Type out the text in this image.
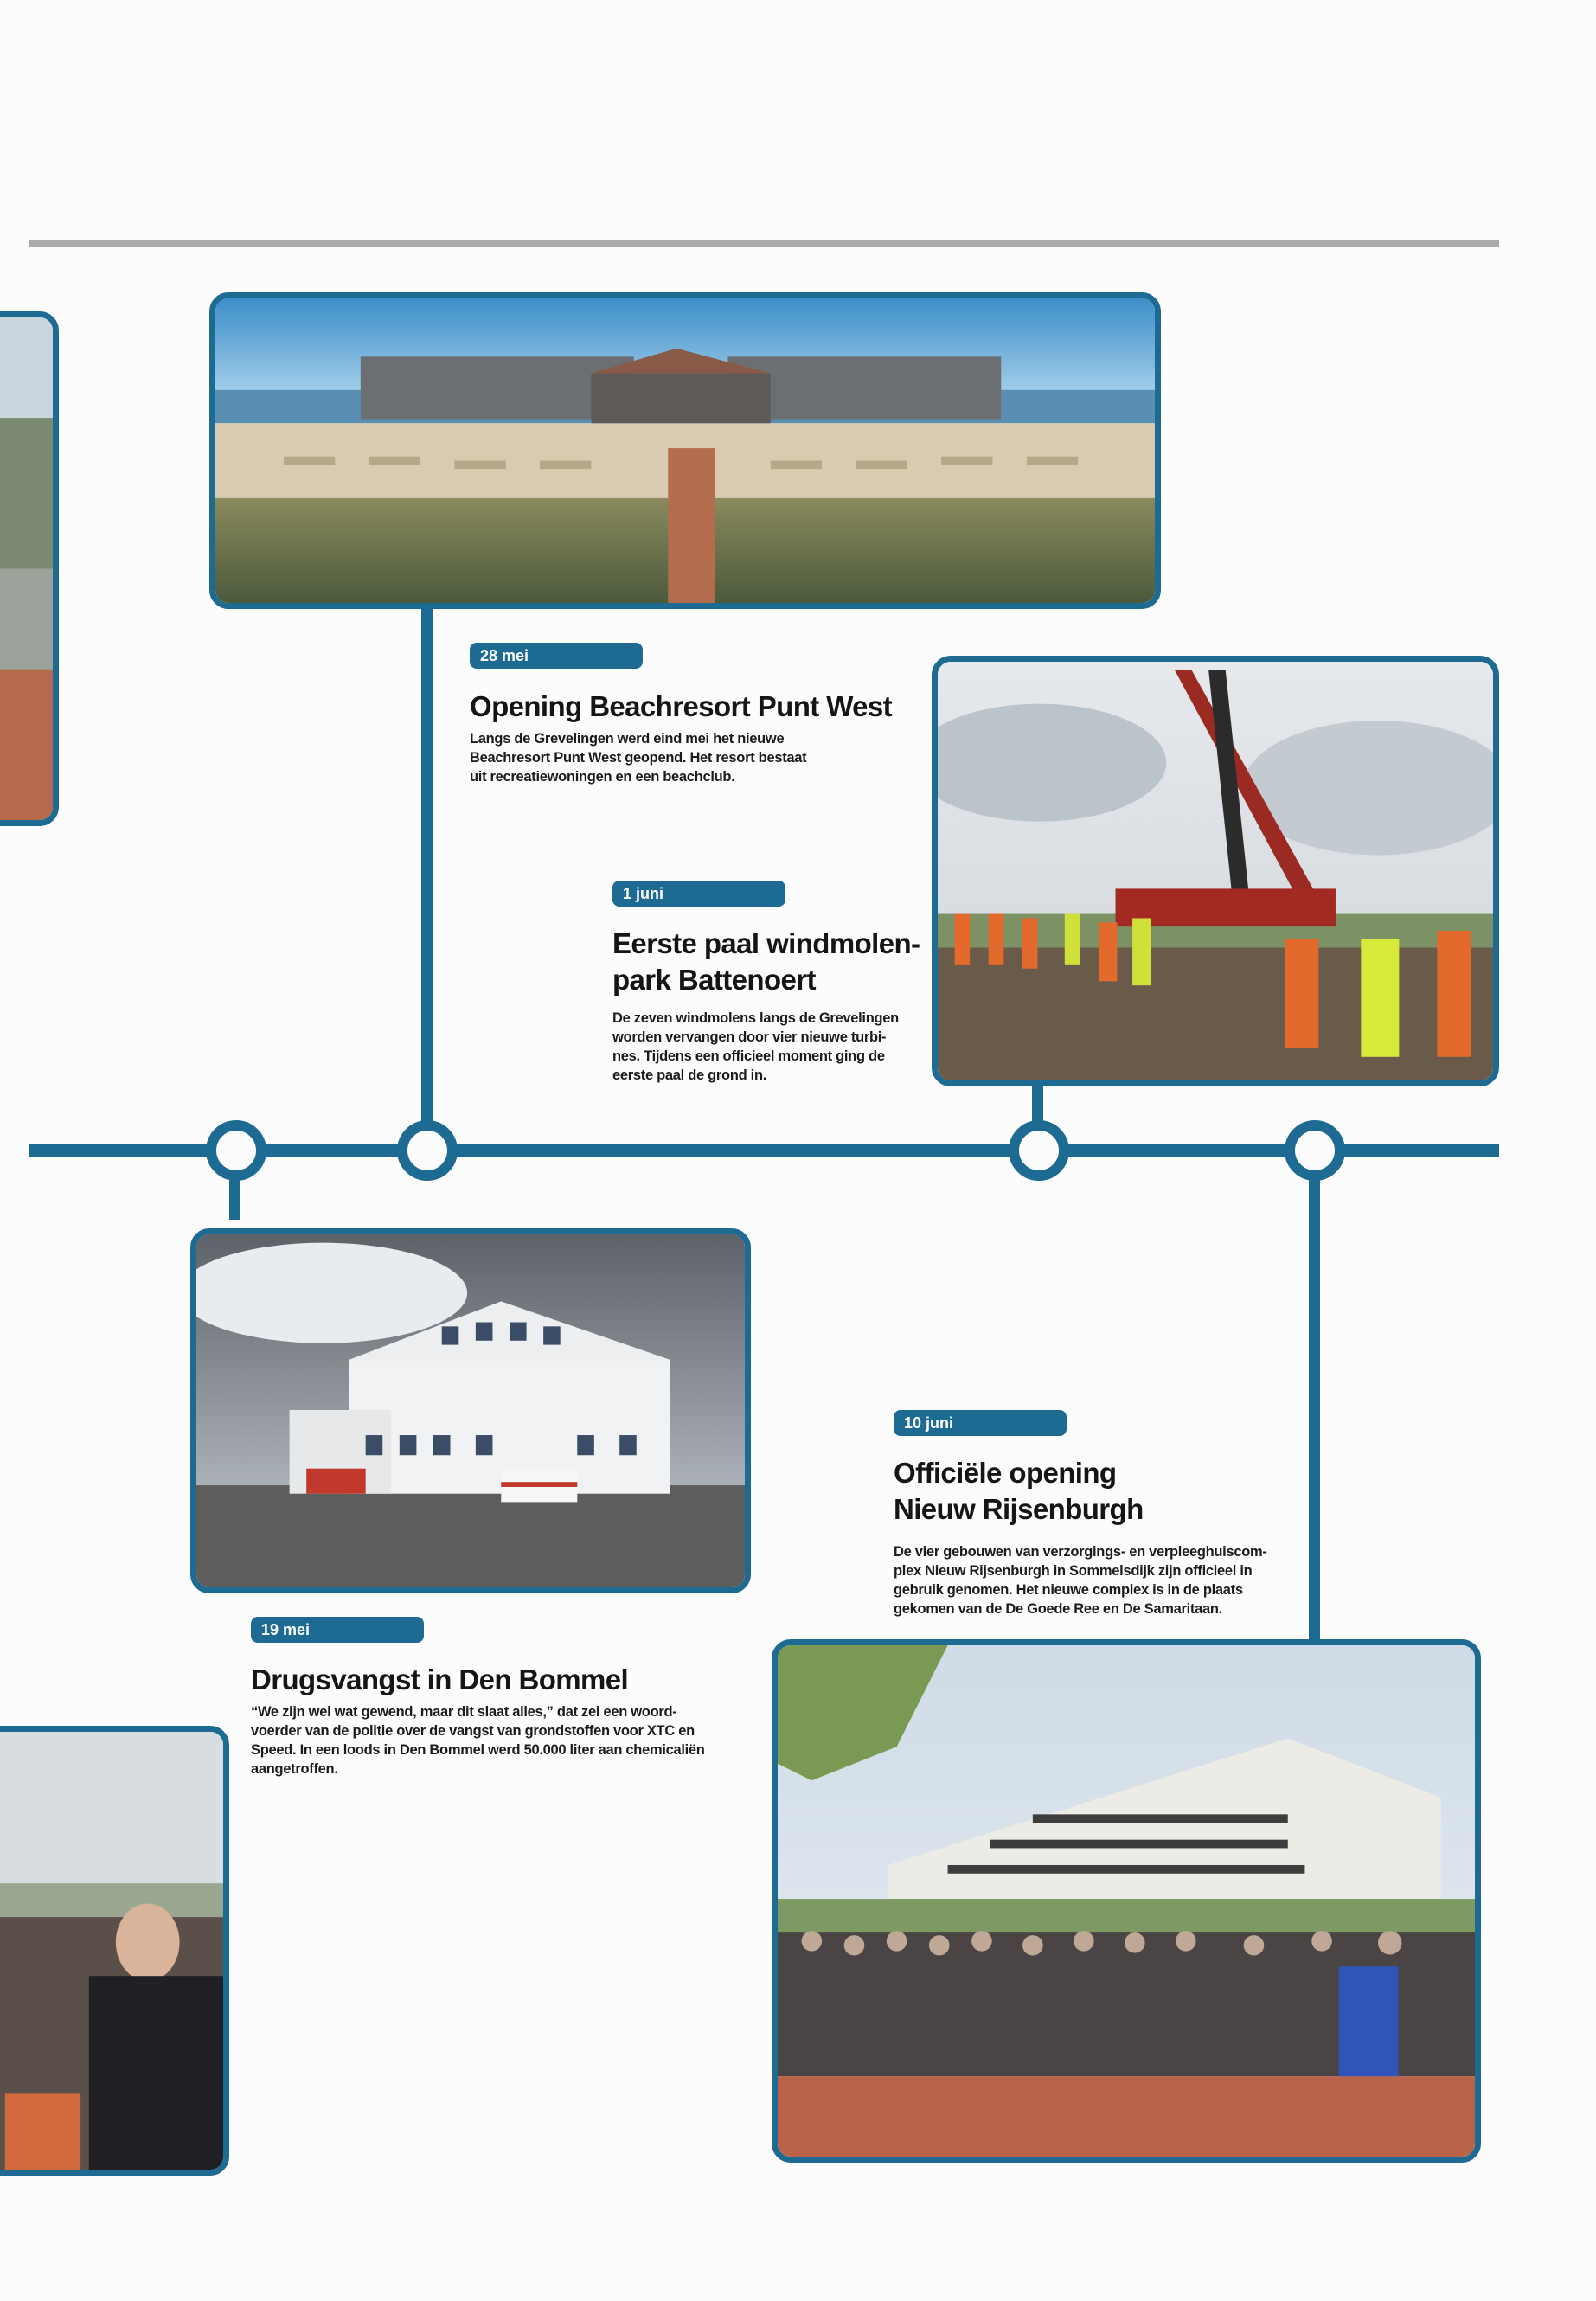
28 mei
Opening Beachresort Punt West
Langs de Grevelingen werd eind mei het nieuwe
Beachresort Punt West geopend. Het resort bestaat
uit recreatiewoningen en een beachclub.
1 juni
Eerste paal windmolen-
park Battenoert
De zeven windmolens langs de Grevelingen
worden vervangen door vier nieuwe turbi-
nes. Tijdens een officieel moment ging de
eerste paal de grond in.
10 juni
Officiële opening
Nieuw Rijsenburgh
De vier gebouwen van verzorgings- en verpleeghuiscom-
plex Nieuw Rijsenburgh in Sommelsdijk zijn officieel in
gebruik genomen. Het nieuwe complex is in de plaats
gekomen van de De Goede Ree en De Samaritaan.
19 mei
Drugsvangst in Den Bommel
“We zijn wel wat gewend, maar dit slaat alles,” dat zei een woord-
voerder van de politie over de vangst van grondstoffen voor XTC en
Speed. In een loods in Den Bommel werd 50.000 liter aan chemicaliën
aangetroffen.
